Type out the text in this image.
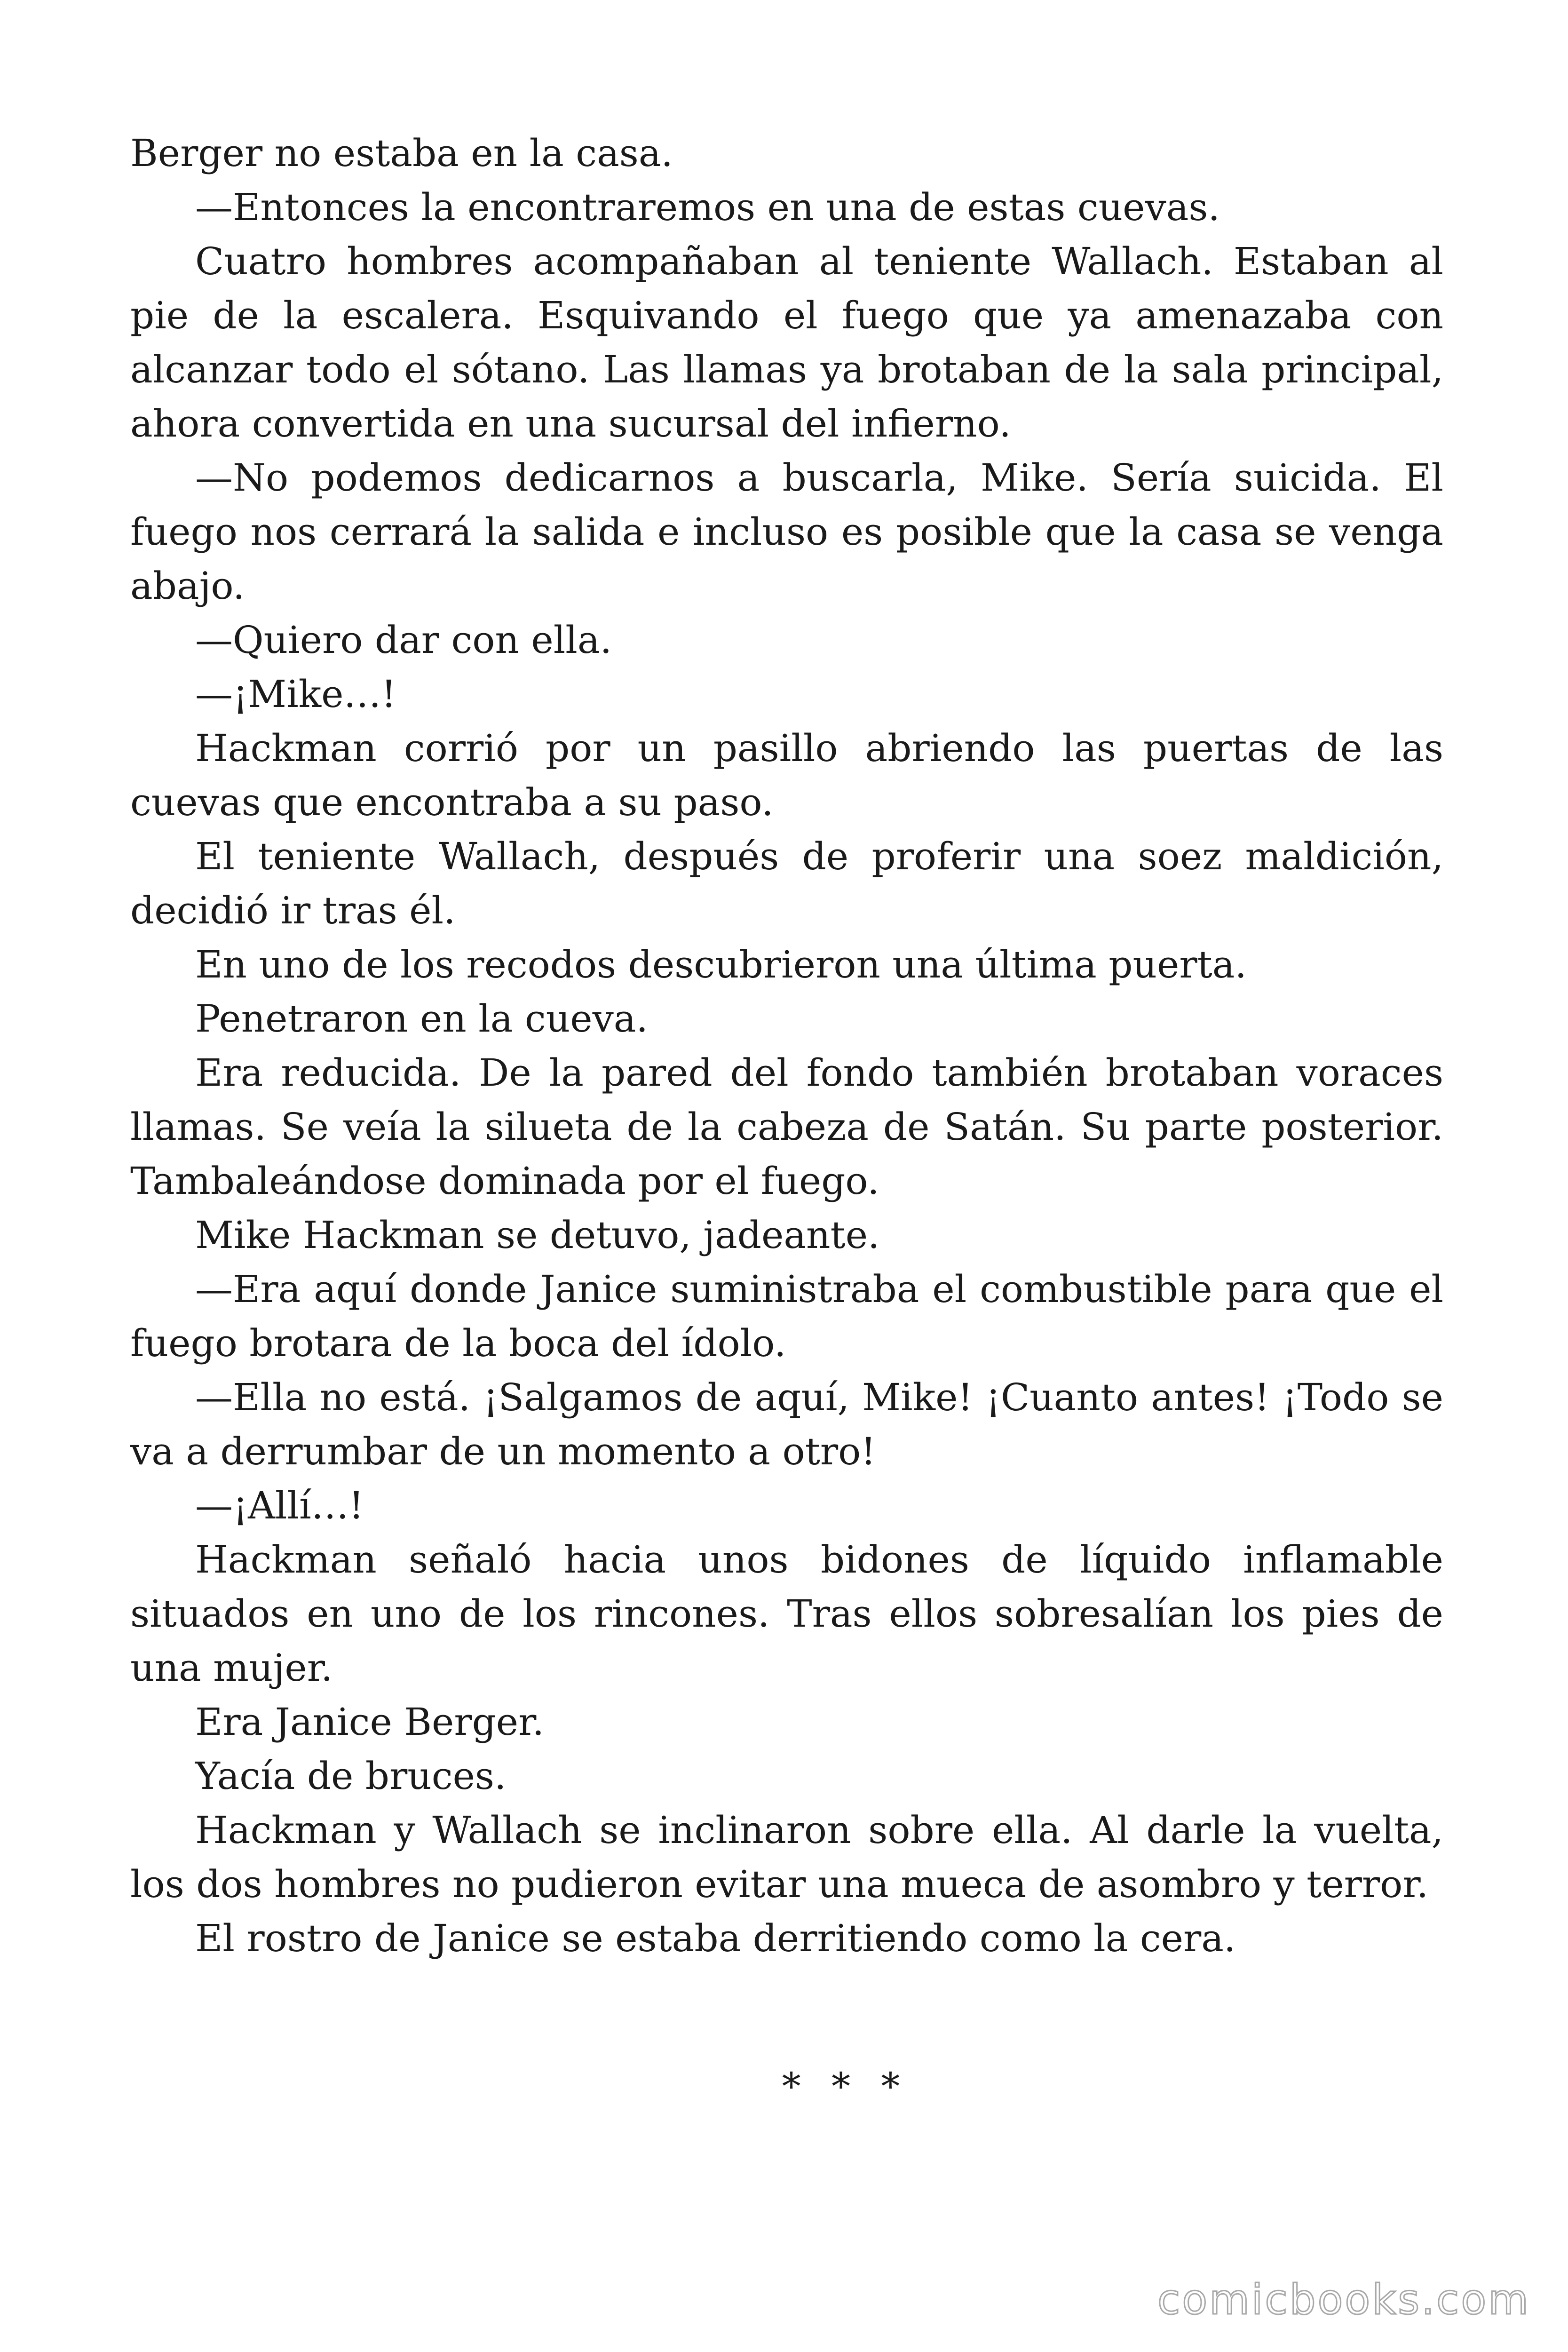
Berger no estaba en la casa.

—Entonces la encontraremos en una de estas cuevas.

Cuatro hombres acompañaban al teniente Wallach. Estaban al pie de la escalera. Esquivando el fuego que ya amenazaba con alcanzar todo el sótano. Las llamas ya brotaban de la sala principal, ahora convertida en una sucursal del infierno.

—No podemos dedicarnos a buscarla, Mike. Sería suicida. El fuego nos cerrará la salida e incluso es posible que la casa se venga abajo.

—Quiero dar con ella.

—¡Mike…!

Hackman corrió por un pasillo abriendo las puertas de las cuevas que encontraba a su paso.

El teniente Wallach, después de proferir una soez maldición, decidió ir tras él.

En uno de los recodos descubrieron una última puerta.

Penetraron en la cueva.

Era reducida. De la pared del fondo también brotaban voraces llamas. Se veía la silueta de la cabeza de Satán. Su parte posterior. Tambaleándose dominada por el fuego.

Mike Hackman se detuvo, jadeante.

—Era aquí donde Janice suministraba el combustible para que el fuego brotara de la boca del ídolo.

—Ella no está. ¡Salgamos de aquí, Mike! ¡Cuanto antes! ¡Todo se va a derrumbar de un momento a otro!

—¡Allí…!

Hackman señaló hacia unos bidones de líquido inflamable situados en uno de los rincones. Tras ellos sobresalían los pies de una mujer.

Era Janice Berger.

Yacía de bruces.

Hackman y Wallach se inclinaron sobre ella. Al darle la vuelta, los dos hombres no pudieron evitar una mueca de asombro y terror.

El rostro de Janice se estaba derritiendo como la cera.

* * *
comicbooks.com
